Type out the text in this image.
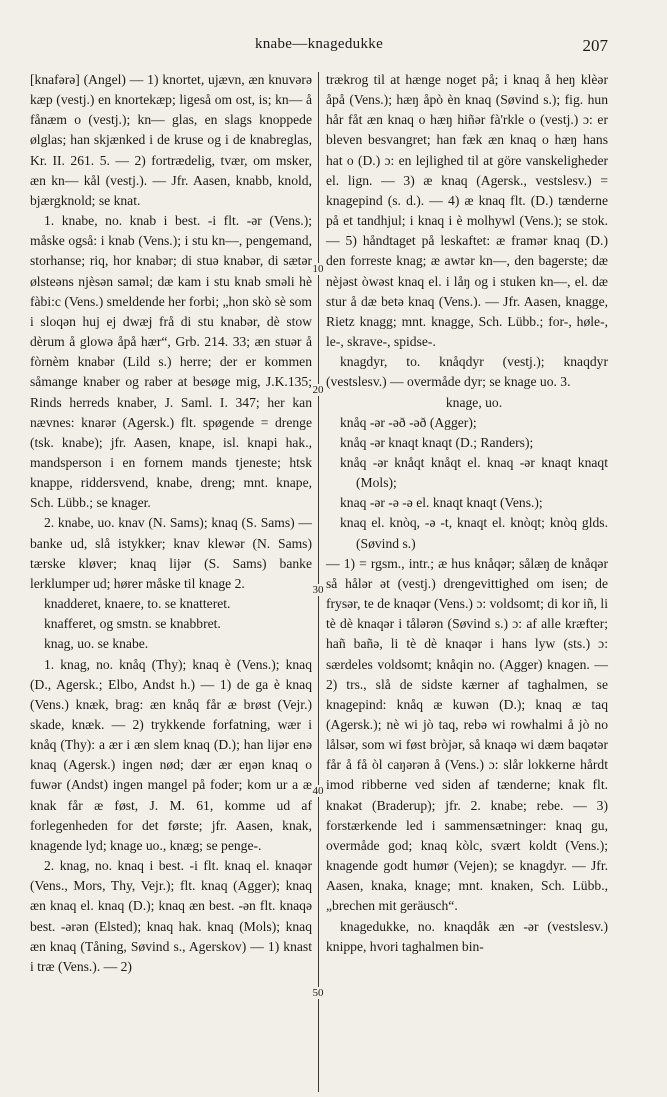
knabe—knagedukke	207
10
20
30
40
50

[knafərə] (Angel) — 1) knortet, ujævn, æn knuvərə kæp (vestj.) en knortekæp; ligeså om ost, is; kn— å fånæm o (vestj.); kn— glas, en slags knoppede ølglas; han skjænked i de kruse og i de knabreglas, Kr. II. 261. 5. — 2) fortrædelig, tvær, om msker, æn kn— kål (vestj.). — Jfr. Aasen, knabb, knold, bjærgknold; se knat.

1. knabe, no. knab i best. -i flt. -ər (Vens.); måske også: i knab (Vens.); i stu kn—, pengemand, storhanse; riq, hor knabər; di stuə knabər, di sætər ølsteəns njèsən saməl; dæ kam i stu knab sməli hè fàbi:c (Vens.) smeldende her forbi; „hon skò sè som i sloqən huj ej dwæj frå di stu knabər, dè stow dèrum å glowə åpå hær“, Grb. 214. 33; æn stuər å fòrnèm knabər (Lild s.) herre; der er kommen såmange knaber og raber at besøge mig, J.K.135; Rinds herreds knaber, J. Saml. I. 347; her kan nævnes: knarər (Agersk.) flt. spøgende = drenge (tsk. knabe); jfr. Aasen, knape, isl. knapi hak., mandsperson i en fornem mands tjeneste; htsk knappe, riddersvend, knabe, dreng; mnt. knape, Sch. Lübb.; se knager.

2. knabe, uo. knav (N. Sams); knaq (S. Sams) — banke ud, slå istykker; knav klewər (N. Sams) tærske kløver; knaq lijər (S. Sams) banke lerklumper ud; hører måske til knage 2.

knadderet, knaere, to. se knatteret.

knafferet, og smstn. se knabbret.

knag, uo. se knabe.

1. knag, no. knåq (Thy); knaq è (Vens.); knaq (D., Agersk.; Elbo, Andst h.) — 1) de ga è knaq (Vens.) knæk, brag: æn knåq får æ brøst (Vejr.) skade, knæk. — 2) trykkende forfatning, wær i knåq (Thy): a ær i æn slem knaq (D.); han lijər enə knaq (Agersk.) ingen nød; dær ær eŋən knaq o fuwər (Andst) ingen mangel på foder; kom ur a æ knak får æ føst, J. M. 61, komme ud af forlegenheden for det første; jfr. Aasen, knak, knagende lyd; knage uo., knæg; se penge-.

2. knag, no. knaq i best. -i flt. knaq el. knaqər (Vens., Mors, Thy, Vejr.); flt. knaq (Agger); knaq æn knaq el. knaq (D.); knaq æn best. -ən flt. knaqə best. -ərən (Elsted); knaq hak. knaq (Mols); knaq æn knaq (Tåning, Søvind s., Agerskov) — 1) knast i træ (Vens.). — 2)

trækrog til at hænge noget på; i knaq å heŋ klèər åpå (Vens.); hæŋ åpò èn knaq (Søvind s.); fig. hun hår fåt æn knaq o hæŋ hiñər fà'rkle o (vestj.) ɔ: er bleven besvangret; han fæk æn knaq o hæŋ hans hat o (D.) ɔ: en lejlighed til at göre vanskeligheder el. lign. — 3) æ knaq (Agersk., vestslesv.) = knagepind (s. d.). — 4) æ knaq flt. (D.) tænderne på et tandhjul; i knaq i è molhywl (Vens.); se stok. — 5) håndtaget på leskaftet: æ framər knaq (D.) den forreste knag; æ awtər kn—, den bagerste; dæ nèjəst òwəst knaq el. i låŋ og i stuken kn—, el. dæ stur å dæ betə knaq (Vens.). — Jfr. Aasen, knagge, Rietz knagg; mnt. knagge, Sch. Lübb.; for-, høle-, le-, skrave-, spidse-.

knagdyr, to. knåqdyr (vestj.); knaqdyr (vestslesv.) — overmåde dyr; se knage uo. 3.

knage, uo.

knåq -ər -əð -əð (Agger);

knåq -ər knaqt knaqt (D.; Randers);

knåq -ər knåqt knåqt el. knaq -ər knaqt knaqt (Mols);

knaq -ər -ə -ə el. knaqt knaqt (Vens.);

knaq el. knòq, -ə -t, knaqt el. knòqt; knòq glds. (Søvind s.)

— 1) = rgsm., intr.; æ hus knåqər; sålæŋ de knåqər så hålər ət (vestj.) drengevittighed om isen; de frysər, te de knaqər (Vens.) ɔ: voldsomt; di kor iñ, li tè dè knaqər i tålərən (Søvind s.) ɔ: af alle kræfter; hañ bañə, li tè dè knaqər i hans lyw (sts.) ɔ: særdeles voldsomt; knåqin no. (Agger) knagen. — 2) trs., slå de sidste kærner af taghalmen, se knagepind: knåq æ kuwən (D.); knaq æ taq (Agersk.); nè wi jò taq, rebə wi rowhalmi å jò no lålsər, som wi føst bròjər, så knaqə wi dæm baqətər får å få òl caŋərən å (Vens.) ɔ: slår lokkerne hårdt imod ribberne ved siden af tænderne; knak flt. knakət (Braderup); jfr. 2. knabe; rebe. — 3) forstærkende led i sammensætninger: knaq gu, overmåde god; knaq kòlc, svært koldt (Vens.); knagende godt humør (Vejen); se knagdyr. — Jfr. Aasen, knaka, knage; mnt. knaken, Sch. Lübb., „brechen mit geräusch“.

knagedukke, no. knaqdåk æn -ər (vestslesv.) knippe, hvori taghalmen bin-
